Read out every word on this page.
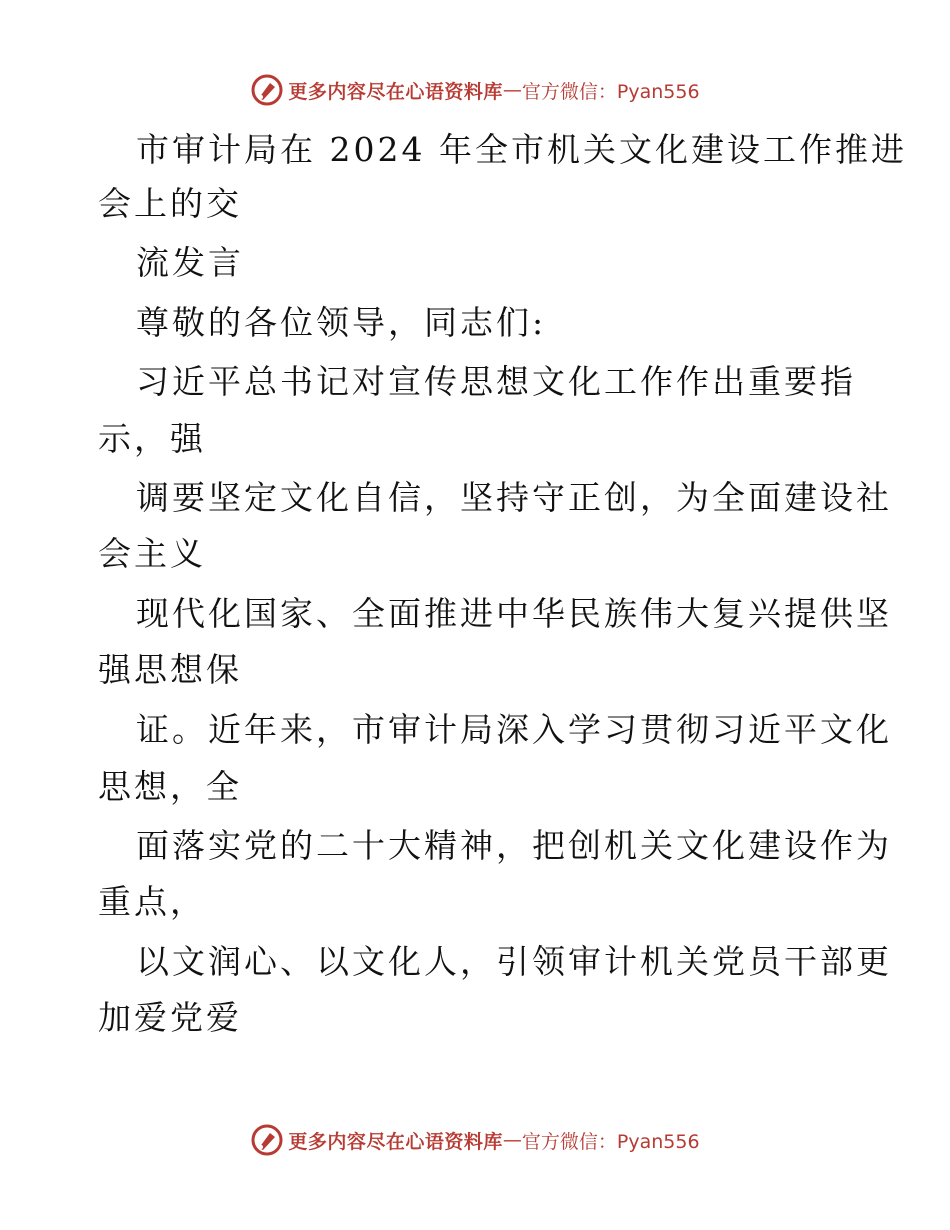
更多内容尽在心语资料库 — 官方微信：Pyan556
市审计局在 2024 年全市机关文化建设工作推进
会上的交
流发言
尊敬的各位领导，同志们:
习近平总书记对宣传思想文化工作作出重要指
示，强
调要坚定文化自信，坚持守正创，为全面建设社
会主义
现代化国家、全面推进中华民族伟大复兴提供坚
强思想保
证。近年来，市审计局深入学习贯彻习近平文化
思想，全
面落实党的二十大精神，把创机关文化建设作为
重点，
以文润心、以文化人，引领审计机关党员干部更
加爱党爱
更多内容尽在心语资料库 — 官方微信：Pyan556
